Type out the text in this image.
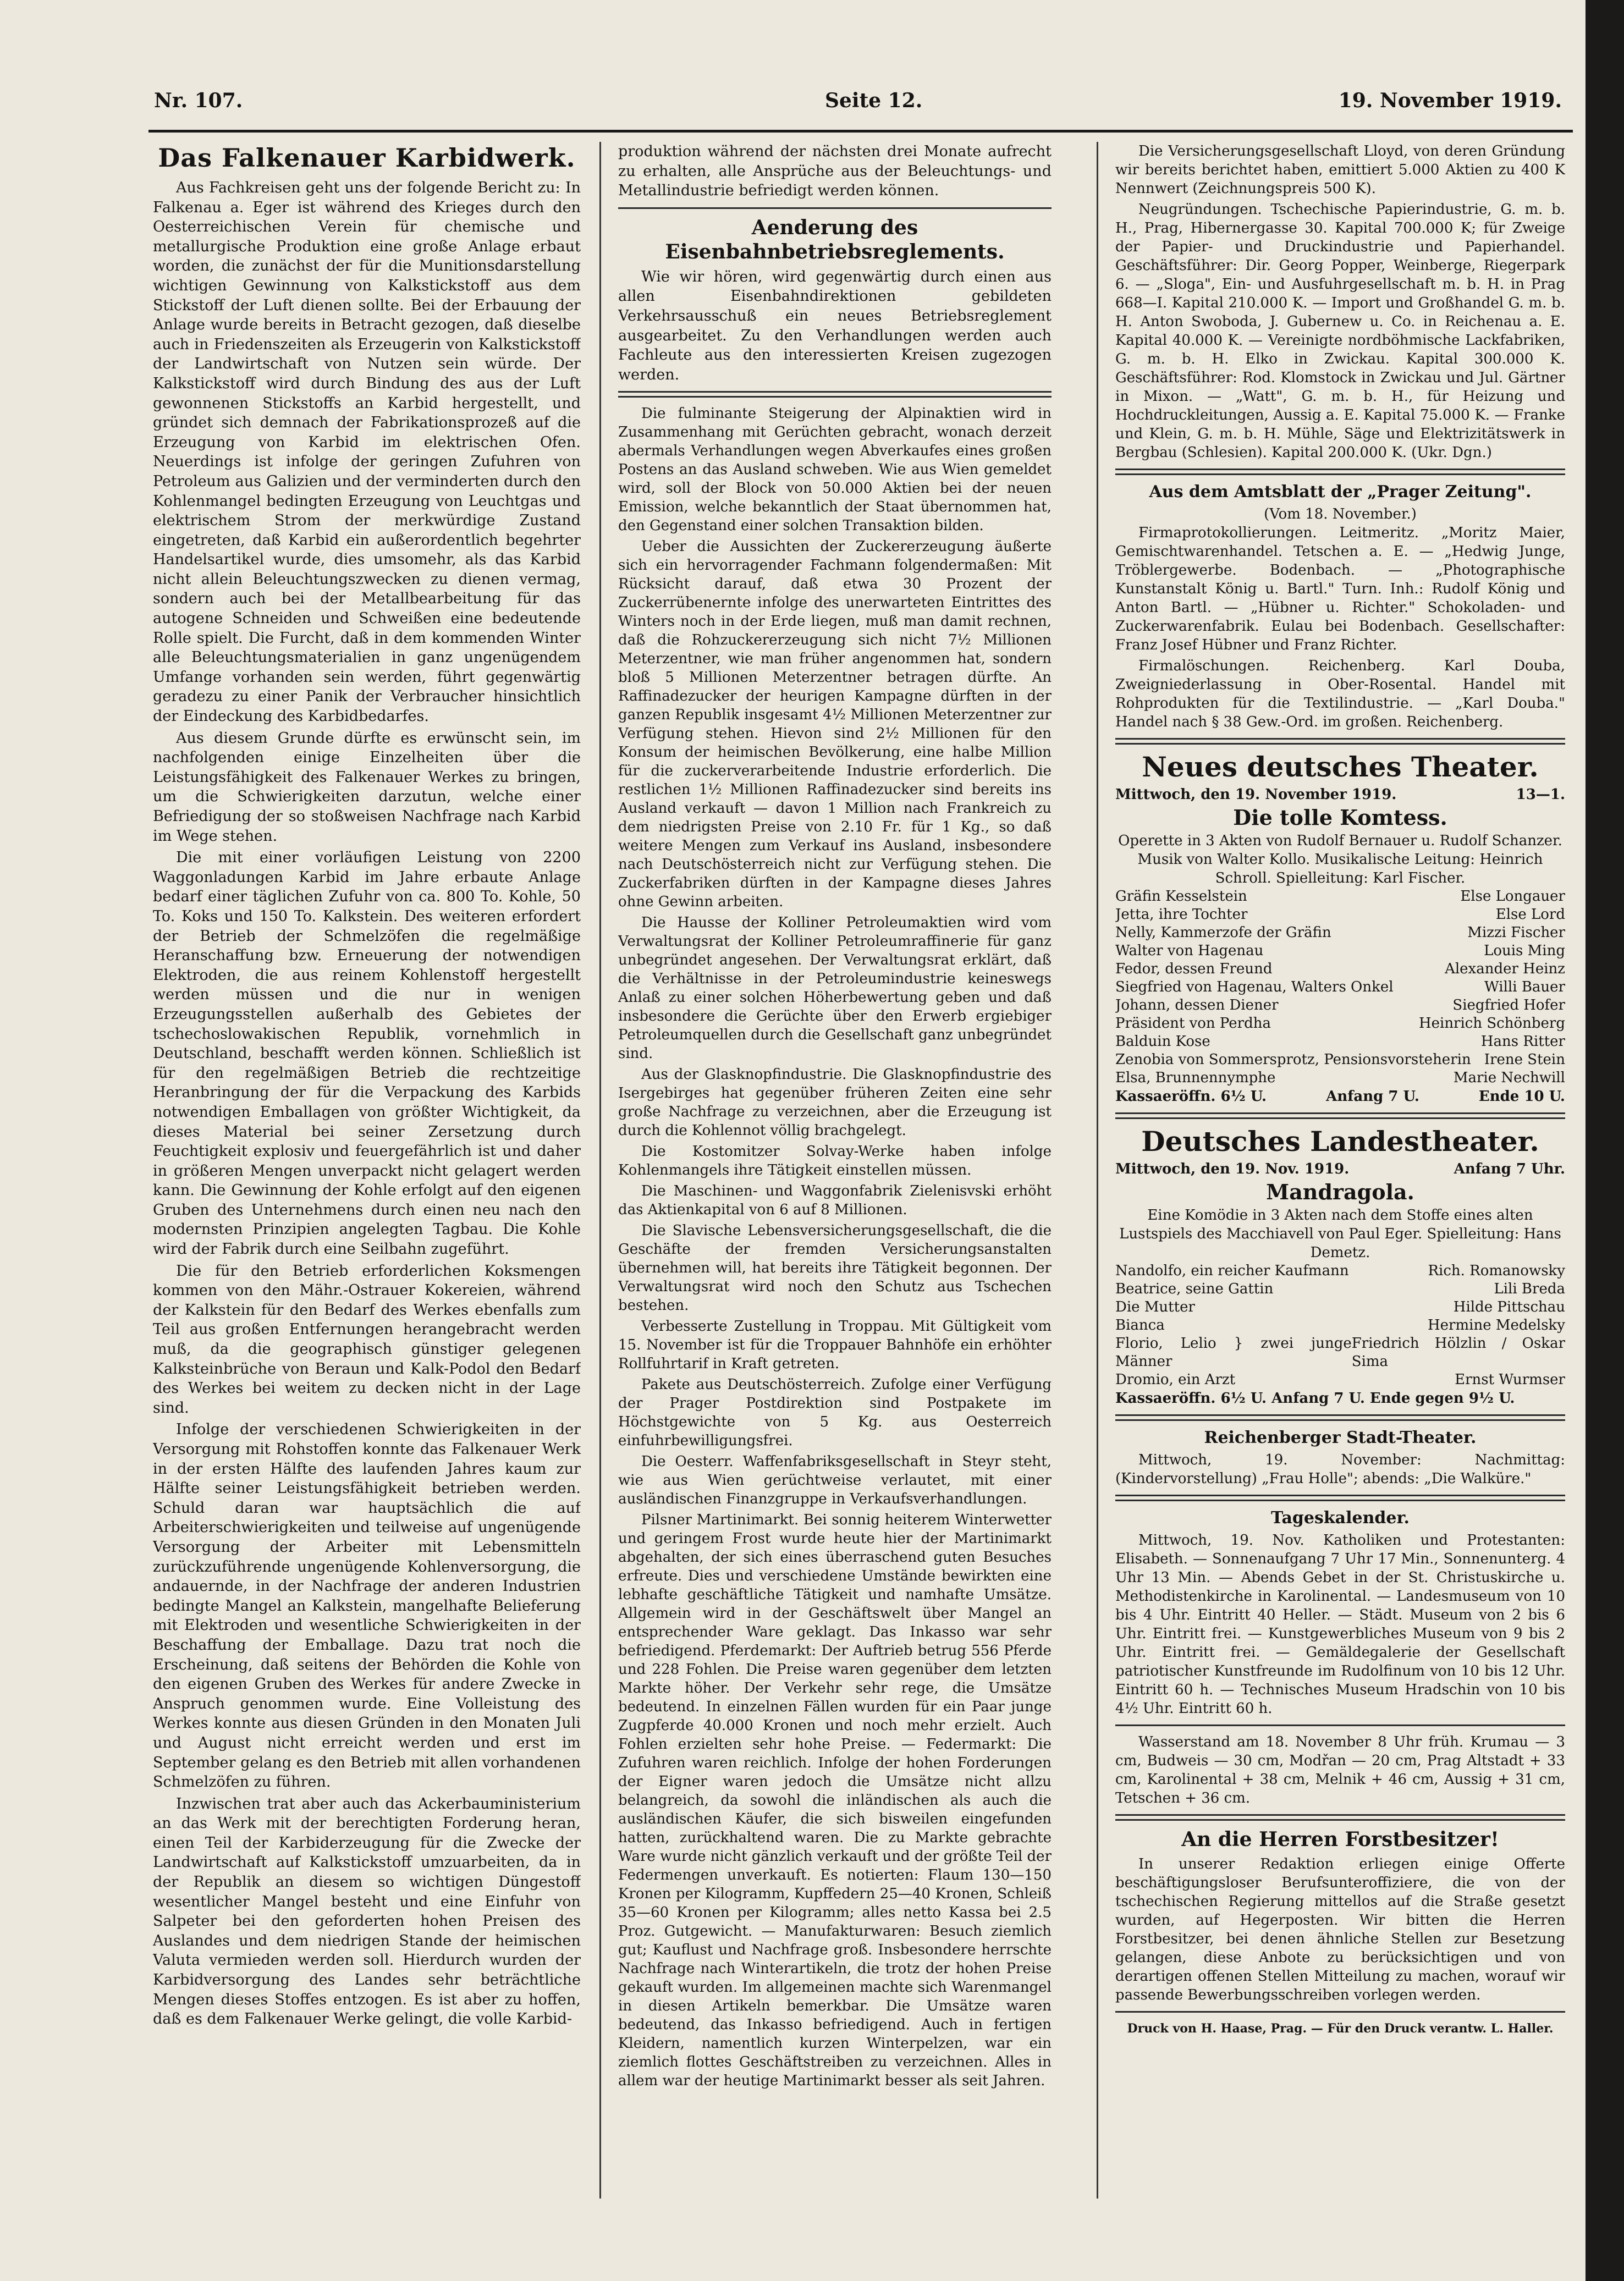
Nr. 107.	Seite 12.	19. November 1919.
Das Falkenauer Karbidwerk.

Aus Fachkreisen geht uns der folgende Bericht zu: In Falkenau a. Eger ist während des Krieges durch den Oesterreichischen Verein für chemische und metallurgische Produktion eine große Anlage erbaut worden, die zunächst der für die Munitionsdarstellung wichtigen Gewinnung von Kalkstickstoff aus dem Stickstoff der Luft dienen sollte. Bei der Erbauung der Anlage wurde bereits in Betracht gezogen, daß dieselbe auch in Friedenszeiten als Erzeugerin von Kalkstickstoff der Landwirtschaft von Nutzen sein würde. Der Kalkstickstoff wird durch Bindung des aus der Luft gewonnenen Stickstoffs an Karbid hergestellt, und gründet sich demnach der Fabrikationsprozeß auf die Erzeugung von Karbid im elektrischen Ofen. Neuerdings ist infolge der geringen Zufuhren von Petroleum aus Galizien und der verminderten durch den Kohlenmangel bedingten Erzeugung von Leuchtgas und elektrischem Strom der merkwürdige Zustand eingetreten, daß Karbid ein außerordentlich begehrter Handelsartikel wurde, dies umsomehr, als das Karbid nicht allein Beleuchtungszwecken zu dienen vermag, sondern auch bei der Metallbearbeitung für das autogene Schneiden und Schweißen eine bedeutende Rolle spielt. Die Furcht, daß in dem kommenden Winter alle Beleuchtungsmaterialien in ganz ungenügendem Umfange vorhanden sein werden, führt gegenwärtig geradezu zu einer Panik der Verbraucher hinsichtlich der Eindeckung des Karbidbedarfes.

Aus diesem Grunde dürfte es erwünscht sein, im nachfolgenden einige Einzelheiten über die Leistungsfähigkeit des Falkenauer Werkes zu bringen, um die Schwierigkeiten darzutun, welche einer Befriedigung der so stoßweisen Nachfrage nach Karbid im Wege stehen.

Die mit einer vorläufigen Leistung von 2200 Waggonladungen Karbid im Jahre erbaute Anlage bedarf einer täglichen Zufuhr von ca. 800 To. Kohle, 50 To. Koks und 150 To. Kalkstein. Des weiteren erfordert der Betrieb der Schmelzöfen die regelmäßige Heranschaffung bzw. Erneuerung der notwendigen Elektroden, die aus reinem Kohlenstoff hergestellt werden müssen und die nur in wenigen Erzeugungsstellen außerhalb des Gebietes der tschechoslowakischen Republik, vornehmlich in Deutschland, beschafft werden können. Schließlich ist für den regelmäßigen Betrieb die rechtzeitige Heranbringung der für die Verpackung des Karbids notwendigen Emballagen von größter Wichtigkeit, da dieses Material bei seiner Zersetzung durch Feuchtigkeit explosiv und feuergefährlich ist und daher in größeren Mengen unverpackt nicht gelagert werden kann. Die Gewinnung der Kohle erfolgt auf den eigenen Gruben des Unternehmens durch einen neu nach den modernsten Prinzipien angelegten Tagbau. Die Kohle wird der Fabrik durch eine Seilbahn zugeführt.

Die für den Betrieb erforderlichen Koksmengen kommen von den Mähr.-Ostrauer Kokereien, während der Kalkstein für den Bedarf des Werkes ebenfalls zum Teil aus großen Entfernungen herangebracht werden muß, da die geographisch günstiger gelegenen Kalksteinbrüche von Beraun und Kalk-Podol den Bedarf des Werkes bei weitem zu decken nicht in der Lage sind.

Infolge der verschiedenen Schwierigkeiten in der Versorgung mit Rohstoffen konnte das Falkenauer Werk in der ersten Hälfte des laufenden Jahres kaum zur Hälfte seiner Leistungsfähigkeit betrieben werden. Schuld daran war hauptsächlich die auf Arbeiterschwierigkeiten und teilweise auf ungenügende Versorgung der Arbeiter mit Lebensmitteln zurückzuführende ungenügende Kohlenversorgung, die andauernde, in der Nachfrage der anderen Industrien bedingte Mangel an Kalkstein, mangelhafte Belieferung mit Elektroden und wesentliche Schwierigkeiten in der Beschaffung der Emballage. Dazu trat noch die Erscheinung, daß seitens der Behörden die Kohle von den eigenen Gruben des Werkes für andere Zwecke in Anspruch genommen wurde. Eine Volleistung des Werkes konnte aus diesen Gründen in den Monaten Juli und August nicht erreicht werden und erst im September gelang es den Betrieb mit allen vorhandenen Schmelzöfen zu führen.

Inzwischen trat aber auch das Ackerbauministerium an das Werk mit der berechtigten Forderung heran, einen Teil der Karbiderzeugung für die Zwecke der Landwirtschaft auf Kalkstickstoff umzuarbeiten, da in der Republik an diesem so wichtigen Düngestoff wesentlicher Mangel besteht und eine Einfuhr von Salpeter bei den geforderten hohen Preisen des Auslandes und dem niedrigen Stande der heimischen Valuta vermieden werden soll. Hierdurch wurden der Karbidversorgung des Landes sehr beträchtliche Mengen dieses Stoffes entzogen. Es ist aber zu hoffen, daß es dem Falkenauer Werke gelingt, die volle Karbid-

produktion während der nächsten drei Monate aufrecht zu erhalten, alle Ansprüche aus der Beleuchtungs- und Metallindustrie befriedigt werden können.

Aenderung des Eisenbahnbetriebsreglements.

Wie wir hören, wird gegenwärtig durch einen aus allen Eisenbahndirektionen gebildeten Verkehrsausschuß ein neues Betriebsreglement ausgearbeitet. Zu den Verhandlungen werden auch Fachleute aus den interessierten Kreisen zugezogen werden.

Die fulminante Steigerung der Alpinaktien wird in Zusammenhang mit Gerüchten gebracht, wonach derzeit abermals Verhandlungen wegen Abverkaufes eines großen Postens an das Ausland schweben. Wie aus Wien gemeldet wird, soll der Block von 50.000 Aktien bei der neuen Emission, welche bekanntlich der Staat übernommen hat, den Gegenstand einer solchen Transaktion bilden.

Ueber die Aussichten der Zuckererzeugung äußerte sich ein hervorragender Fachmann folgendermaßen: Mit Rücksicht darauf, daß etwa 30 Prozent der Zuckerrübenernte infolge des unerwarteten Eintrittes des Winters noch in der Erde liegen, muß man damit rechnen, daß die Rohzuckererzeugung sich nicht 7½ Millionen Meterzentner, wie man früher angenommen hat, sondern bloß 5 Millionen Meterzentner betragen dürfte. An Raffinadezucker der heurigen Kampagne dürften in der ganzen Republik insgesamt 4½ Millionen Meterzentner zur Verfügung stehen. Hievon sind 2½ Millionen für den Konsum der heimischen Bevölkerung, eine halbe Million für die zuckerverarbeitende Industrie erforderlich. Die restlichen 1½ Millionen Raffinadezucker sind bereits ins Ausland verkauft — davon 1 Million nach Frankreich zu dem niedrigsten Preise von 2.10 Fr. für 1 Kg., so daß weitere Mengen zum Verkauf ins Ausland, insbesondere nach Deutschösterreich nicht zur Verfügung stehen. Die Zuckerfabriken dürften in der Kampagne dieses Jahres ohne Gewinn arbeiten.

Die Hausse der Kolliner Petroleumaktien wird vom Verwaltungsrat der Kolliner Petroleumraffinerie für ganz unbegründet angesehen. Der Verwaltungsrat erklärt, daß die Verhältnisse in der Petroleumindustrie keineswegs Anlaß zu einer solchen Höherbewertung geben und daß insbesondere die Gerüchte über den Erwerb ergiebiger Petroleumquellen durch die Gesellschaft ganz unbegründet sind.

Aus der Glasknopfindustrie. Die Glasknopfindustrie des Isergebirges hat gegenüber früheren Zeiten eine sehr große Nachfrage zu verzeichnen, aber die Erzeugung ist durch die Kohlennot völlig brachgelegt.

Die Kostomitzer Solvay-Werke haben infolge Kohlenmangels ihre Tätigkeit einstellen müssen.

Die Maschinen- und Waggonfabrik Zielenisvski erhöht das Aktienkapital von 6 auf 8 Millionen.

Die Slavische Lebensversicherungsgesellschaft, die die Geschäfte der fremden Versicherungsanstalten übernehmen will, hat bereits ihre Tätigkeit begonnen. Der Verwaltungsrat wird noch den Schutz aus Tschechen bestehen.

Verbesserte Zustellung in Troppau. Mit Gültigkeit vom 15. November ist für die Troppauer Bahnhöfe ein erhöhter Rollfuhrtarif in Kraft getreten.

Pakete aus Deutschösterreich. Zufolge einer Verfügung der Prager Postdirektion sind Postpakete im Höchstgewichte von 5 Kg. aus Oesterreich einfuhrbewilligungsfrei.

Die Oesterr. Waffenfabriksgesellschaft in Steyr steht, wie aus Wien gerüchtweise verlautet, mit einer ausländischen Finanzgruppe in Verkaufsverhandlungen.

Pilsner Martinimarkt. Bei sonnig heiterem Winterwetter und geringem Frost wurde heute hier der Martinimarkt abgehalten, der sich eines überraschend guten Besuches erfreute. Dies und verschiedene Umstände bewirkten eine lebhafte geschäftliche Tätigkeit und namhafte Umsätze. Allgemein wird in der Geschäftswelt über Mangel an entsprechender Ware geklagt. Das Inkasso war sehr befriedigend. Pferdemarkt: Der Auftrieb betrug 556 Pferde und 228 Fohlen. Die Preise waren gegenüber dem letzten Markte höher. Der Verkehr sehr rege, die Umsätze bedeutend. In einzelnen Fällen wurden für ein Paar junge Zugpferde 40.000 Kronen und noch mehr erzielt. Auch Fohlen erzielten sehr hohe Preise. — Federmarkt: Die Zufuhren waren reichlich. Infolge der hohen Forderungen der Eigner waren jedoch die Umsätze nicht allzu belangreich, da sowohl die inländischen als auch die ausländischen Käufer, die sich bisweilen eingefunden hatten, zurückhaltend waren. Die zu Markte gebrachte Ware wurde nicht gänzlich verkauft und der größte Teil der Federmengen unverkauft. Es notierten: Flaum 130—150 Kronen per Kilogramm, Kupffedern 25—40 Kronen, Schleiß 35—60 Kronen per Kilogramm; alles netto Kassa bei 2.5 Proz. Gutgewicht. — Manufakturwaren: Besuch ziemlich gut; Kauflust und Nachfrage groß. Insbesondere herrschte Nachfrage nach Winterartikeln, die trotz der hohen Preise gekauft wurden. Im allgemeinen machte sich Warenmangel in diesen Artikeln bemerkbar. Die Umsätze waren bedeutend, das Inkasso befriedigend. Auch in fertigen Kleidern, namentlich kurzen Winterpelzen, war ein ziemlich flottes Geschäftstreiben zu verzeichnen. Alles in allem war der heutige Martinimarkt besser als seit Jahren.

Die Versicherungsgesellschaft Lloyd, von deren Gründung wir bereits berichtet haben, emittiert 5.000 Aktien zu 400 K Nennwert (Zeichnungspreis 500 K).

Neugründungen. Tschechische Papierindustrie, G. m. b. H., Prag, Hibernergasse 30. Kapital 700.000 K; für Zweige der Papier- und Druckindustrie und Papierhandel. Geschäftsführer: Dir. Georg Popper, Weinberge, Riegerpark 6. — „Sloga", Ein- und Ausfuhrgesellschaft m. b. H. in Prag 668—I. Kapital 210.000 K. — Import und Großhandel G. m. b. H. Anton Swoboda, J. Gubernew u. Co. in Reichenau a. E. Kapital 40.000 K. — Vereinigte nordböhmische Lackfabriken, G. m. b. H. Elko in Zwickau. Kapital 300.000 K. Geschäftsführer: Rod. Klomstock in Zwickau und Jul. Gärtner in Mixon. — „Watt", G. m. b. H., für Heizung und Hochdruckleitungen, Aussig a. E. Kapital 75.000 K. — Franke und Klein, G. m. b. H. Mühle, Säge und Elektrizitätswerk in Bergbau (Schlesien). Kapital 200.000 K. (Ukr. Dgn.)

Aus dem Amtsblatt der „Prager Zeitung".
(Vom 18. November.)

Firmaprotokollierungen. Leitmeritz. „Moritz Maier, Gemischtwarenhandel. Tetschen a. E. — „Hedwig Junge, Tröblergewerbe. Bodenbach. — „Photographische Kunstanstalt König u. Bartl." Turn. Inh.: Rudolf König und Anton Bartl. — „Hübner u. Richter." Schokoladen- und Zuckerwarenfabrik. Eulau bei Bodenbach. Gesellschafter: Franz Josef Hübner und Franz Richter.

Firmalöschungen. Reichenberg. Karl Douba, Zweigniederlassung in Ober-Rosental. Handel mit Rohprodukten für die Textilindustrie. — „Karl Douba." Handel nach § 38 Gew.-Ord. im großen. Reichenberg.

Neues deutsches Theater.
Mittwoch, den 19. November 1919.	13—1.
Die tolle Komtess.
Operette in 3 Akten von Rudolf Bernauer u. Rudolf Schanzer. Musik von Walter Kollo. Musikalische Leitung: Heinrich Schroll. Spielleitung: Karl Fischer.
Gräfin Kesselstein	Else Longauer
Jetta, ihre Tochter	Else Lord
Nelly, Kammerzofe der Gräfin	Mizzi Fischer
Walter von Hagenau	Louis Ming
Fedor, dessen Freund	Alexander Heinz
Siegfried von Hagenau, Walters Onkel	Willi Bauer
Johann, dessen Diener	Siegfried Hofer
Präsident von Perdha	Heinrich Schönberg
Balduin Kose	Hans Ritter
Zenobia von Sommersprotz, Pensionsvorsteherin Irene Stein
Elsa, Brunnennymphe	Marie Nechwill
Kassaeröffn. 6½ U.	Anfang 7 U.	Ende 10 U.
Deutsches Landestheater.
Mittwoch, den 19. Nov. 1919.	Anfang 7 Uhr.
Mandragola.
Eine Komödie in 3 Akten nach dem Stoffe eines alten Lustspiels des Macchiavell von Paul Eger. Spielleitung: Hans Demetz.
Nandolfo, ein reicher Kaufmann	Rich. Romanowsky
Beatrice, seine Gattin	Lili Breda
Die Mutter	Hilde Pittschau
Bianca	Hermine Medelsky
Florio, Lelio } zwei junge Männer
Friedrich Hölzlin / Oskar Sima
Dromio, ein Arzt	Ernst Wurmser
Kassaeröffn. 6½ U. Anfang 7 U. Ende gegen 9½ U.
Reichenberger Stadt-Theater.

Mittwoch, 19. November: Nachmittag: (Kindervorstellung) „Frau Holle"; abends: „Die Walküre."

Tageskalender.

Mittwoch, 19. Nov. Katholiken und Protestanten: Elisabeth. — Sonnenaufgang 7 Uhr 17 Min., Sonnenunterg. 4 Uhr 13 Min. — Abends Gebet in der St. Christuskirche u. Methodistenkirche in Karolinental. — Landesmuseum von 10 bis 4 Uhr. Eintritt 40 Heller. — Städt. Museum von 2 bis 6 Uhr. Eintritt frei. — Kunstgewerbliches Museum von 9 bis 2 Uhr. Eintritt frei. — Gemäldegalerie der Gesellschaft patriotischer Kunstfreunde im Rudolfinum von 10 bis 12 Uhr. Eintritt 60 h. — Technisches Museum Hradschin von 10 bis 4½ Uhr. Eintritt 60 h.

Wasserstand am 18. November 8 Uhr früh. Krumau — 3 cm, Budweis — 30 cm, Modřan — 20 cm, Prag Altstadt + 33 cm, Karolinental + 38 cm, Melnik + 46 cm, Aussig + 31 cm, Tetschen + 36 cm.

An die Herren Forstbesitzer!

In unserer Redaktion erliegen einige Offerte beschäftigungsloser Berufsunteroffiziere, die von der tschechischen Regierung mittellos auf die Straße gesetzt wurden, auf Hegerposten. Wir bitten die Herren Forstbesitzer, bei denen ähnliche Stellen zur Besetzung gelangen, diese Anbote zu berücksichtigen und von derartigen offenen Stellen Mitteilung zu machen, worauf wir passende Bewerbungsschreiben vorlegen werden.

Druck von H. Haase, Prag. — Für den Druck verantw. L. Haller.
